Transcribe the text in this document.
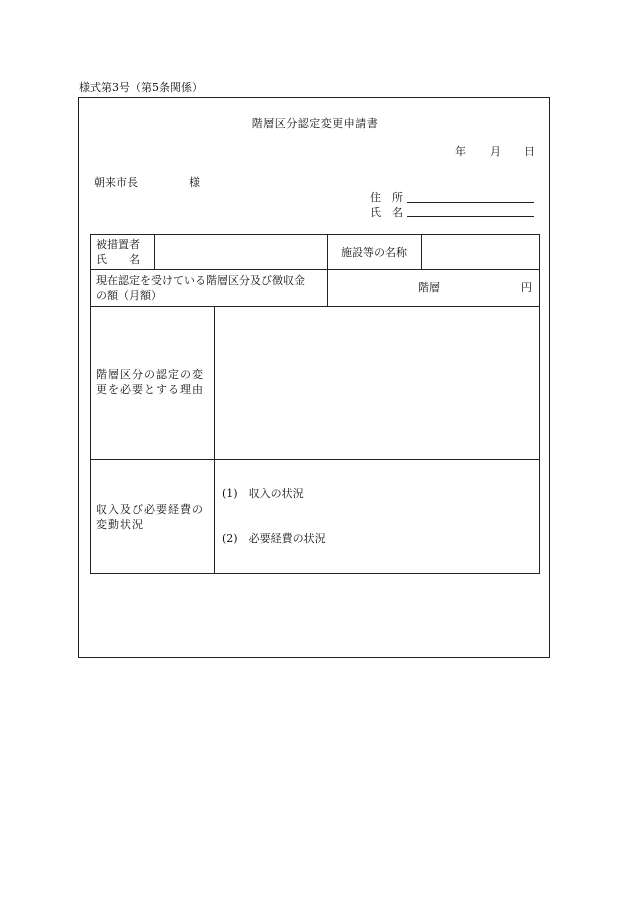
様式第3号（第5条関係）
階層区分認定変更申請書
年 月 日
朝来市長	様
住　所
氏　名
被措置者
氏　　名
施設等の名称
現在認定を受けている階層区分及び徴収金
の額（月額）
階層	円
階層区分の認定の変
更を必要とする理由
収入及び必要経費の
変動状況
(1)　収入の状況
(2)　必要経費の状況
